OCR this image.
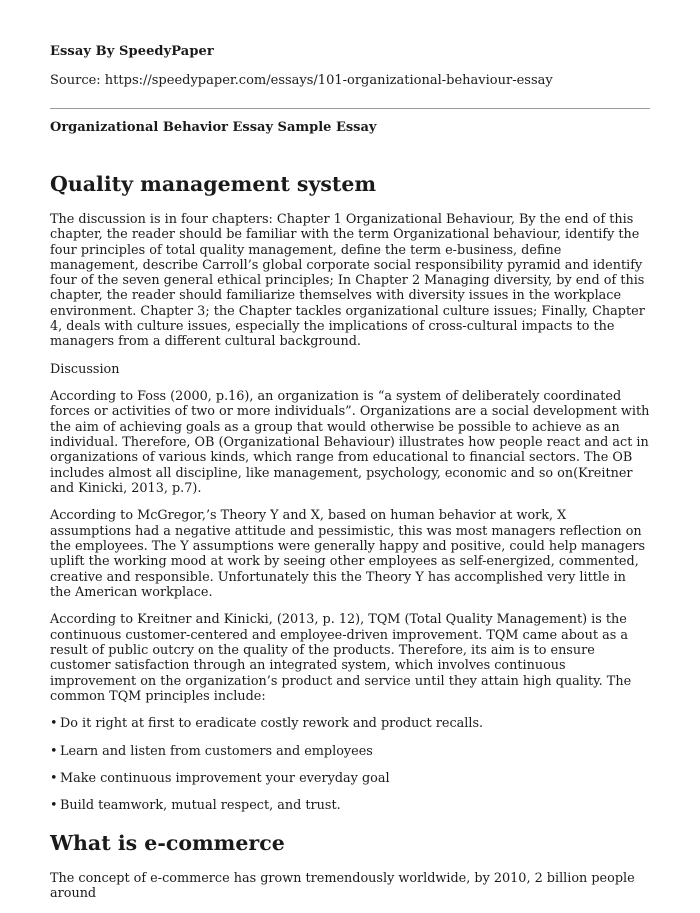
Essay By SpeedyPaper
Source: https://speedypaper.com/essays/101-organizational-behaviour-essay
Organizational Behavior Essay Sample Essay
Quality management system

The discussion is in four chapters: Chapter 1 Organizational Behaviour, By the end of this chapter, the reader should be familiar with the term Organizational behaviour, identify the four principles of total quality management, define the term e-business, define management, describe Carroll’s global corporate social responsibility pyramid and identify four of the seven general ethical principles; In Chapter 2 Managing diversity, by end of this chapter, the reader should familiarize themselves with diversity issues in the workplace environment. Chapter 3; the Chapter tackles organizational culture issues; Finally, Chapter 4, deals with culture issues, especially the implications of cross-cultural impacts to the managers from a different cultural background.

Discussion

According to Foss (2000, p.16), an organization is “a system of deliberately coordinated forces or activities of two or more individuals”. Organizations are a social development with the aim of achieving goals as a group that would otherwise be possible to achieve as an individual. Therefore, OB (Organizational Behaviour) illustrates how people react and act in organizations of various kinds, which range from educational to financial sectors. The OB includes almost all discipline, like management, psychology, economic and so on(Kreitner and Kinicki, 2013, p.7).

According to McGregor,’s Theory Y and X, based on human behavior at work, X assumptions had a negative attitude and pessimistic, this was most managers reflection on the employees. The Y assumptions were generally happy and positive, could help managers uplift the working mood at work by seeing other employees as self-energized, commented, creative and responsible. Unfortunately this the Theory Y has accomplished very little in the American workplace.

According to Kreitner and Kinicki, (2013, p. 12), TQM (Total Quality Management) is the continuous customer-centered and employee-driven improvement. TQM came about as a result of public outcry on the quality of the products. Therefore, its aim is to ensure customer satisfaction through an integrated system, which involves continuous improvement on the organization’s product and service until they attain high quality. The common TQM principles include:

• Do it right at first to eradicate costly rework and product recalls.
• Learn and listen from customers and employees
• Make continuous improvement your everyday goal
• Build teamwork, mutual respect, and trust.
What is e-commerce

The concept of e-commerce has grown tremendously worldwide, by 2010, 2 billion people around
